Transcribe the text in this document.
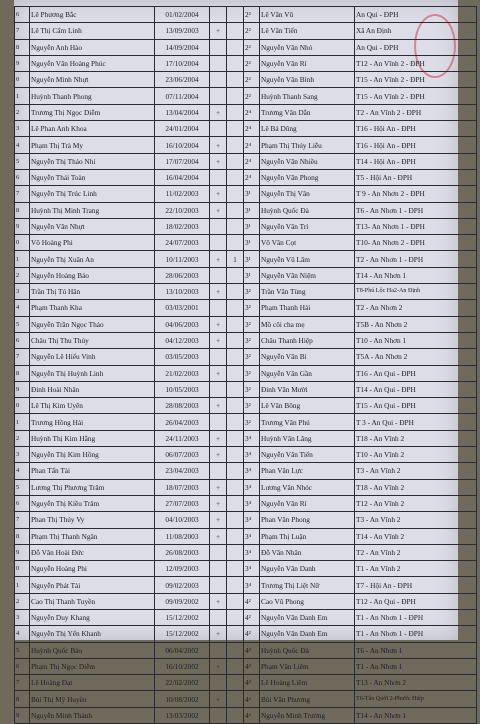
6	Lê Phương Bắc	01/02/2004			2²	Lê Văn Vũ	An Qui - ĐPH
7	Lê Thị Cẩm Linh	13/09/2003	+		2²	Lê Văn Tiến	Xã An Định
8	Nguyễn Anh Hào	14/09/2004			2²	Nguyễn Văn Nhỏ	An Qui - ĐPH
9	Nguyễn Văn Hoàng Phúc	17/10/2004			2²	Nguyễn Văn Rí	T12 - An Vĩnh 2 - ĐPH
0	Nguyễn Minh Nhựt	23/06/2004			2²	Nguyễn Văn Bình	T15 - An Vĩnh 2 - ĐPH
1	Huỳnh Thanh Phong	07/11/2004			2²	Huỳnh Thanh Sang	T15 - An Vĩnh 2 - ĐPH
2	Trương Thị Ngọc Diễm	13/04/2004	+		2⁴	Trương Văn Dẫn	T2 - An Vĩnh 2 - ĐPH
3	Lê Phan Anh Khoa	24/01/2004			2⁴	Lê Bá Dũng	T16 - Hội An - ĐPH
4	Phạm Thị Trà My	16/10/2004	+		2⁴	Phạm Thị Thúy Liễu	T16 - Hội An - ĐPH
5	Nguyễn Thị Thảo Nhi	17/07/2004	+		2⁴	Nguyễn Văn Nhiều	T14 - Hội An - ĐPH
6	Nguyễn Thái Toàn	16/04/2004			2⁴	Nguyễn Văn Phong	T5 - Hội An - ĐPH
7	Nguyễn Thị Trúc Linh	11/02/2003	+		3¹	Nguyễn Thị Vân	T 9 - An Nhơn 2 - ĐPH
8	Huỳnh Thị Minh Trang	22/10/2003	+		3¹	Huỳnh Quốc Đà	T6 - An Nhơn 1 - ĐPH
9	Nguyễn Văn Nhựt	18/02/2003			3¹	Nguyễn Văn Trí	T13- An Nhơn 1 - ĐPH
0	Võ Hoàng Phi	24/07/2003			3¹	Võ Văn Cọt	T10- An Nhơn 2 - ĐPH
1	Nguyễn Thị Xuân An	10/11/2003	+	1	3¹	Nguyễn Vũ Lâm	T2 - An Nhơn 1 - ĐPH
2	Nguyễn Hoàng Bảo	28/06/2003			3¹	Nguyễn Văn Niệm	T14 - An Nhơn 1
3	Trần Thị Tú Hân	13/10/2003	+		3²	Trần Văn Tùng	T8-Phú Lộc Ha2-An Định
4	Phạm Thanh Kha	03/03/2001			3²	Phạm Thanh Hải	T2 - An Nhơn 2
5	Nguyễn Trần Ngọc Thảo	04/06/2003	+		3²	Mồ côi cha mẹ	T5B - An Nhơn 2
6	Châu Thị Thu Thủy	04/12/2003	+		3²	Châu Thanh Hiệp	T10 - An Nhơn 1
7	Nguyễn Lê Hiếu Vinh	03/05/2003			3²	Nguyễn Văn Bi	T5A - An Nhơn 2
8	Nguyễn Thị Huỳnh Linh	21/02/2003	+		3²	Nguyễn Văn Gần	T16 - An Qui - ĐPH
9	Đinh Hoài Nhân	10/05/2003			3²	Đinh Văn Mười	T14 - An Qui - ĐPH
0	Lê Thị Kim Uyên	28/08/2003	+		3²	Lê Văn Bông	T15 - An Qui - ĐPH
1	Trương Hồng Hải	26/04/2003			3²	Trương Văn Phú	T 3 - An Qui - ĐPH
2	Huỳnh Thị Kim Hằng	24/11/2003	+		3⁴	Huỳnh Văn Lăng	T18 - An Vĩnh 2
3	Nguyễn Thị Kim Hồng	06/07/2003	+		3⁴	Nguyễn Văn Tiến	T10 - An Vĩnh 2
4	Phan Tấn Tài	23/04/2003			3⁴	Phan Văn Lực	T3 - An Vĩnh 2
5	Lương Thị Phương Trâm	18/07/2003	+		3⁴	Lương Văn Nhóc	T18 - An Vĩnh 2
6	Nguyễn Thị Kiều Trâm	27/07/2003	+		3⁴	Nguyễn Văn Rí	T12 - An Vĩnh 2
7	Phan Thị Thúy Vy	04/10/2003	+		3⁴	Phan Văn Phong	T3 - An Vĩnh 2
8	Phạm Thị Thanh Ngân	11/08/2003	+		3⁴	Phạm Thị Luận	T14 - An Vĩnh 2
9	Đỗ Văn Hoài Đức	26/08/2003			3⁴	Đỗ Văn Nhân	T2 - An Vĩnh 2
0	Nguyễn Hoàng Phi	12/09/2003			3⁴	Nguyễn Văn Danh	T1 - An Vĩnh 2
1	Nguyễn Phát Tài	09/02/2003			3⁴	Trương Thị Liệt Nữ	T7 - Hội An - ĐPH
2	Cao Thị Thanh Tuyền	09/09/2002	+		4²	Cao Vũ Phong	T12 - An Qui - ĐPH
3	Nguyễn Duy Khang	15/12/2002			4²	Nguyễn Văn Danh Em	T1 - An Nhơn 1 - ĐPH
4	Nguyễn Thị Yến Khanh	15/12/2002	+		4²	Nguyễn Văn Danh Em	T1 - An Nhơn 1 - ĐPH
5	Huỳnh Quốc Bảo	06/04/2002			4²	Huỳnh Quốc Đà	T6 - An Nhơn 1
6	Phạm Thị Ngọc Diễm	16/10/2002	+		4²	Phạm Văn Liêm	T1 - An Nhơn 1
7	Lê Hoàng Đạt	22/02/2002			4²	Lê Hoàng Liêm	T13 - An Nhơn 2
8	Bùi Thị Mỹ Huyền	10/08/2002	+		4²	Bùi Văn Phương	T6-Tân Quới 2-Phước Hiệp
9	Nguyễn Minh Thành	13/03/2002			4²	Nguyễn Minh Trường	T14 - An Nhơn 1
